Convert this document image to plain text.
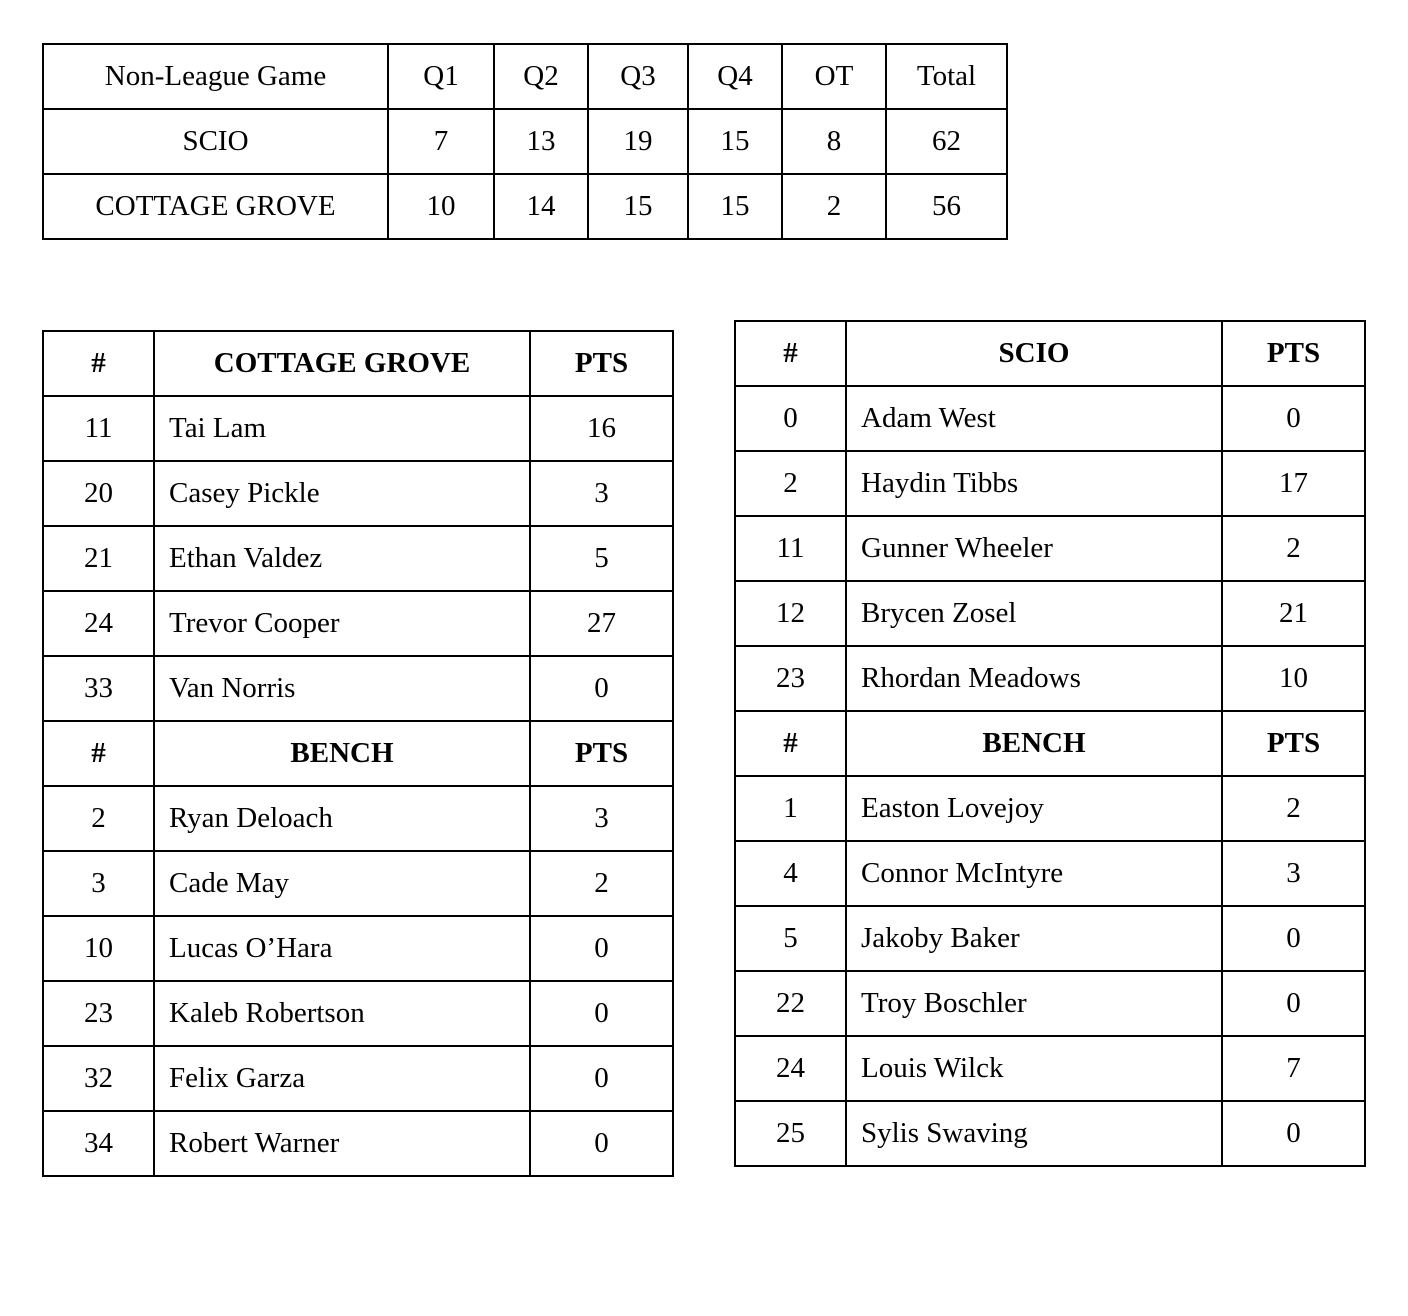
Non-League Game	Q1	Q2	Q3	Q4	OT	Total
SCIO	7	13	19	15	8	62
COTTAGE GROVE	10	14	15	15	2	56
#	COTTAGE GROVE	PTS
11	Tai Lam	16
20	Casey Pickle	3
21	Ethan Valdez	5
24	Trevor Cooper	27
33	Van Norris	0
#	BENCH	PTS
2	Ryan Deloach	3
3	Cade May	2
10	Lucas O’Hara	0
23	Kaleb Robertson	0
32	Felix Garza	0
34	Robert Warner	0
#	SCIO	PTS
0	Adam West	0
2	Haydin Tibbs	17
11	Gunner Wheeler	2
12	Brycen Zosel	21
23	Rhordan Meadows	10
#	BENCH	PTS
1	Easton Lovejoy	2
4	Connor McIntyre	3
5	Jakoby Baker	0
22	Troy Boschler	0
24	Louis Wilck	7
25	Sylis Swaving	0
